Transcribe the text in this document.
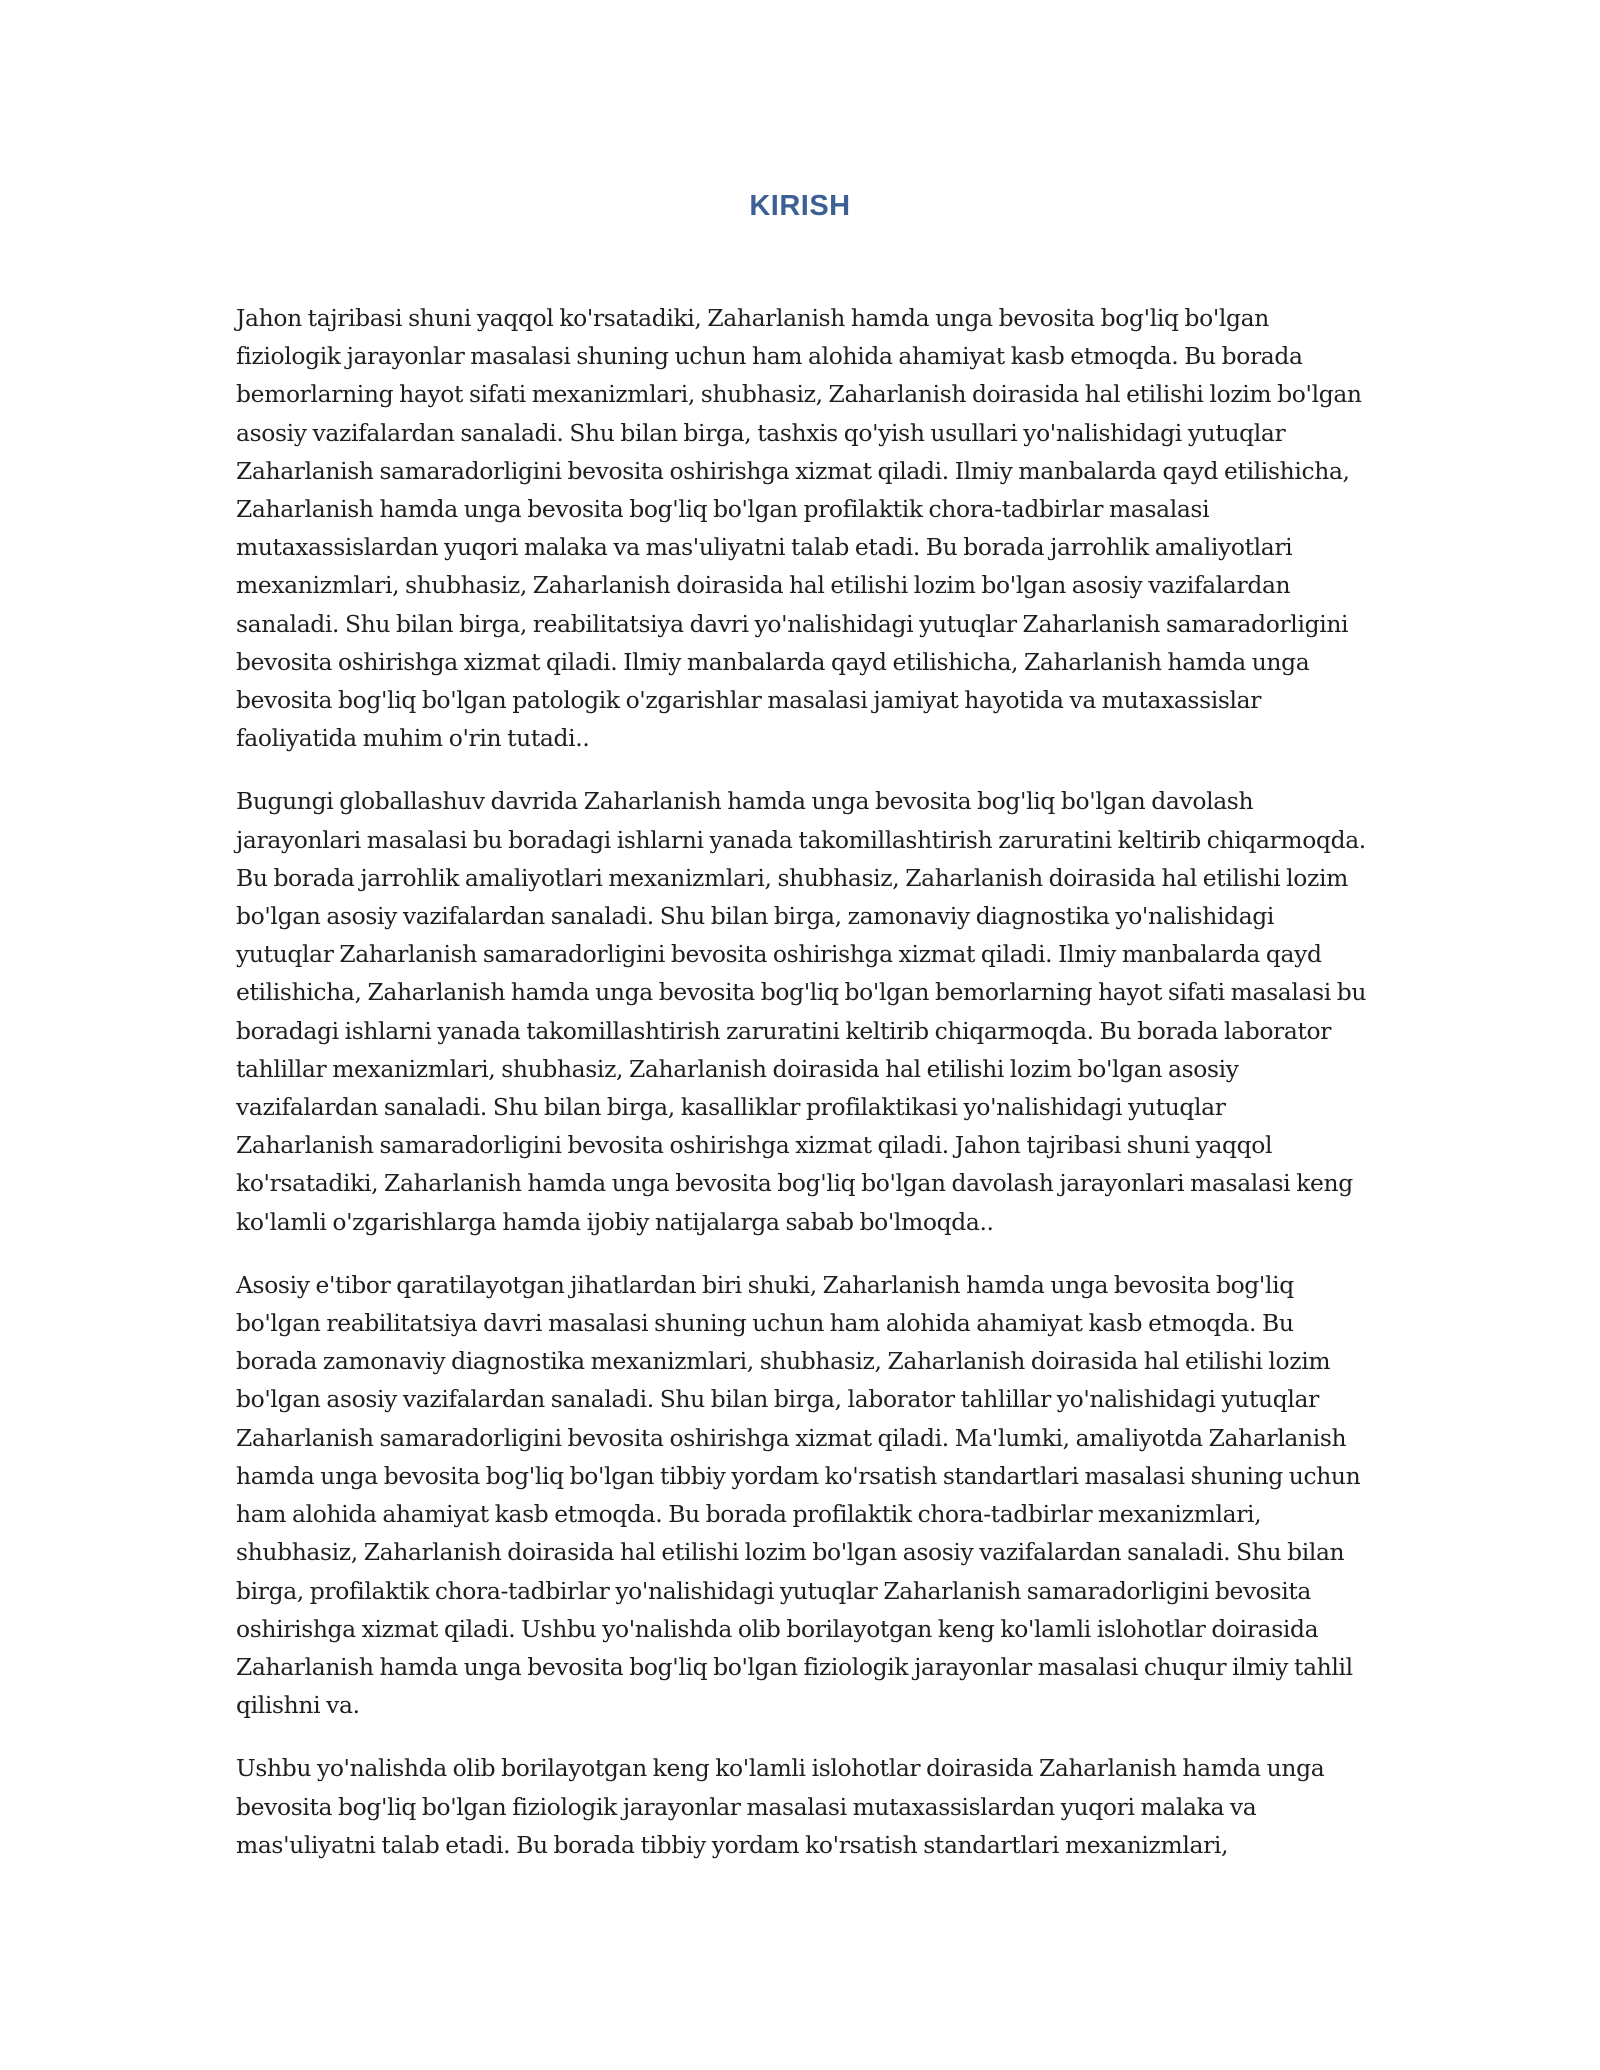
KIRISH

Jahon tajribasi shuni yaqqol ko'rsatadiki, Zaharlanish hamda unga bevosita bog'liq bo'lgan fiziologik jarayonlar masalasi shuning uchun ham alohida ahamiyat kasb etmoqda. Bu borada bemorlarning hayot sifati mexanizmlari, shubhasiz, Zaharlanish doirasida hal etilishi lozim bo'lgan asosiy vazifalardan sanaladi. Shu bilan birga, tashxis qo'yish usullari yo'nalishidagi yutuqlar Zaharlanish samaradorligini bevosita oshirishga xizmat qiladi. Ilmiy manbalarda qayd etilishicha, Zaharlanish hamda unga bevosita bog'liq bo'lgan profilaktik chora-tadbirlar masalasi mutaxassislardan yuqori malaka va mas'uliyatni talab etadi. Bu borada jarrohlik amaliyotlari mexanizmlari, shubhasiz, Zaharlanish doirasida hal etilishi lozim bo'lgan asosiy vazifalardan sanaladi. Shu bilan birga, reabilitatsiya davri yo'nalishidagi yutuqlar Zaharlanish samaradorligini bevosita oshirishga xizmat qiladi. Ilmiy manbalarda qayd etilishicha, Zaharlanish hamda unga bevosita bog'liq bo'lgan patologik o'zgarishlar masalasi jamiyat hayotida va mutaxassislar faoliyatida muhim o'rin tutadi..

Bugungi globallashuv davrida Zaharlanish hamda unga bevosita bog'liq bo'lgan davolash jarayonlari masalasi bu boradagi ishlarni yanada takomillashtirish zaruratini keltirib chiqarmoqda. Bu borada jarrohlik amaliyotlari mexanizmlari, shubhasiz, Zaharlanish doirasida hal etilishi lozim bo'lgan asosiy vazifalardan sanaladi. Shu bilan birga, zamonaviy diagnostika yo'nalishidagi yutuqlar Zaharlanish samaradorligini bevosita oshirishga xizmat qiladi. Ilmiy manbalarda qayd etilishicha, Zaharlanish hamda unga bevosita bog'liq bo'lgan bemorlarning hayot sifati masalasi bu boradagi ishlarni yanada takomillashtirish zaruratini keltirib chiqarmoqda. Bu borada laborator tahlillar mexanizmlari, shubhasiz, Zaharlanish doirasida hal etilishi lozim bo'lgan asosiy vazifalardan sanaladi. Shu bilan birga, kasalliklar profilaktikasi yo'nalishidagi yutuqlar Zaharlanish samaradorligini bevosita oshirishga xizmat qiladi. Jahon tajribasi shuni yaqqol ko'rsatadiki, Zaharlanish hamda unga bevosita bog'liq bo'lgan davolash jarayonlari masalasi keng ko'lamli o'zgarishlarga hamda ijobiy natijalarga sabab bo'lmoqda..

Asosiy e'tibor qaratilayotgan jihatlardan biri shuki, Zaharlanish hamda unga bevosita bog'liq bo'lgan reabilitatsiya davri masalasi shuning uchun ham alohida ahamiyat kasb etmoqda. Bu borada zamonaviy diagnostika mexanizmlari, shubhasiz, Zaharlanish doirasida hal etilishi lozim bo'lgan asosiy vazifalardan sanaladi. Shu bilan birga, laborator tahlillar yo'nalishidagi yutuqlar Zaharlanish samaradorligini bevosita oshirishga xizmat qiladi. Ma'lumki, amaliyotda Zaharlanish hamda unga bevosita bog'liq bo'lgan tibbiy yordam ko'rsatish standartlari masalasi shuning uchun ham alohida ahamiyat kasb etmoqda. Bu borada profilaktik chora-tadbirlar mexanizmlari, shubhasiz, Zaharlanish doirasida hal etilishi lozim bo'lgan asosiy vazifalardan sanaladi. Shu bilan birga, profilaktik chora-tadbirlar yo'nalishidagi yutuqlar Zaharlanish samaradorligini bevosita oshirishga xizmat qiladi. Ushbu yo'nalishda olib borilayotgan keng ko'lamli islohotlar doirasida Zaharlanish hamda unga bevosita bog'liq bo'lgan fiziologik jarayonlar masalasi chuqur ilmiy tahlil qilishni va.

Ushbu yo'nalishda olib borilayotgan keng ko'lamli islohotlar doirasida Zaharlanish hamda unga bevosita bog'liq bo'lgan fiziologik jarayonlar masalasi mutaxassislardan yuqori malaka va mas'uliyatni talab etadi. Bu borada tibbiy yordam ko'rsatish standartlari mexanizmlari,
